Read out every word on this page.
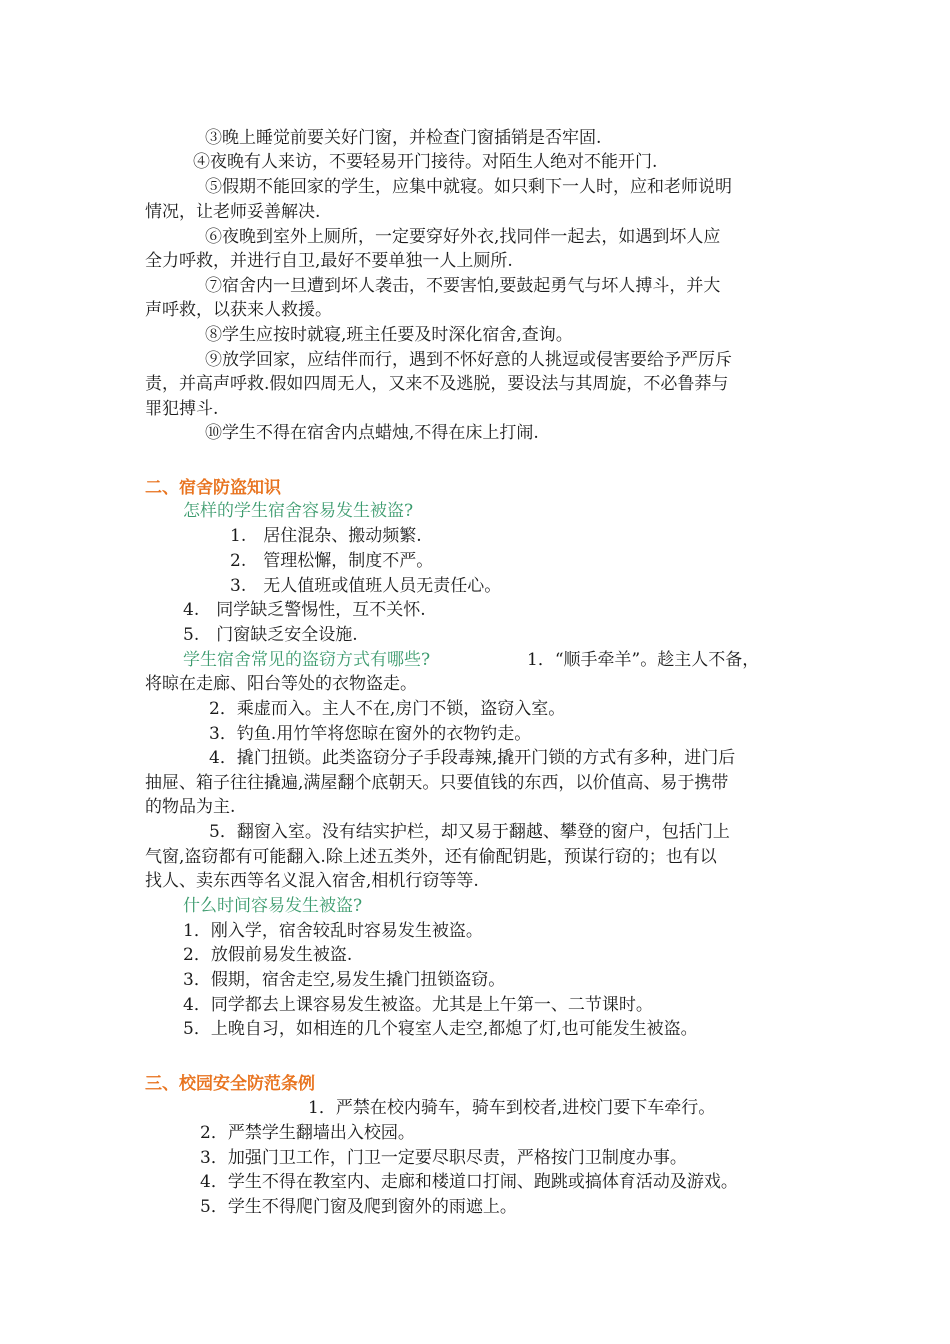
③晚上睡觉前要关好门窗，并检查门窗插销是否牢固.
④夜晚有人来访，不要轻易开门接待。对陌生人绝对不能开门.
⑤假期不能回家的学生，应集中就寝。如只剩下一人时，应和老师说明
情况，让老师妥善解决.
⑥夜晚到室外上厕所，一定要穿好外衣,找同伴一起去，如遇到坏人应
全力呼救，并进行自卫,最好不要单独一人上厕所.
⑦宿舍内一旦遭到坏人袭击，不要害怕,要鼓起勇气与坏人搏斗，并大
声呼救，以获来人救援。
⑧学生应按时就寝,班主任要及时深化宿舍,查询。
⑨放学回家，应结伴而行，遇到不怀好意的人挑逗或侵害要给予严厉斥
责，并高声呼救.假如四周无人，又来不及逃脱，要设法与其周旋，不必鲁莽与
罪犯搏斗.
⑩学生不得在宿舍内点蜡烛,不得在床上打闹.
二、宿舍防盗知识
怎样的学生宿舍容易发生被盗?
1.　居住混杂、搬动频繁.
2.　管理松懈，制度不严。
3.　无人值班或值班人员无责任心。
4.　同学缺乏警惕性，互不关怀.
5.　门窗缺乏安全设施.
学生宿舍常见的盗窃方式有哪些?	1．“顺手牵羊”。趁主人不备，
将晾在走廊、阳台等处的衣物盗走。
2．乘虚而入。主人不在,房门不锁，盗窃入室。
3．钓鱼.用竹竿将您晾在窗外的衣物钓走。
4．撬门扭锁。此类盗窃分子手段毒辣,撬开门锁的方式有多种，进门后
抽屉、箱子往往撬遍,满屋翻个底朝天。只要值钱的东西，以价值高、易于携带
的物品为主.
5．翻窗入室。没有结实护栏，却又易于翻越、攀登的窗户，包括门上
气窗,盗窃都有可能翻入.除上述五类外，还有偷配钥匙，预谋行窃的；也有以
找人、卖东西等名义混入宿舍,相机行窃等等.
什么时间容易发生被盗?
1．刚入学，宿舍较乱时容易发生被盗。
2．放假前易发生被盗.
3．假期，宿舍走空,易发生撬门扭锁盗窃。
4．同学都去上课容易发生被盗。尤其是上午第一、二节课时。
5．上晚自习，如相连的几个寝室人走空,都熄了灯,也可能发生被盗。
三、校园安全防范条例
1．严禁在校内骑车，骑车到校者,进校门要下车牵行。
2．严禁学生翻墙出入校园。
3．加强门卫工作，门卫一定要尽职尽责，严格按门卫制度办事。
4．学生不得在教室内、走廊和楼道口打闹、跑跳或搞体育活动及游戏。
5．学生不得爬门窗及爬到窗外的雨遮上。
